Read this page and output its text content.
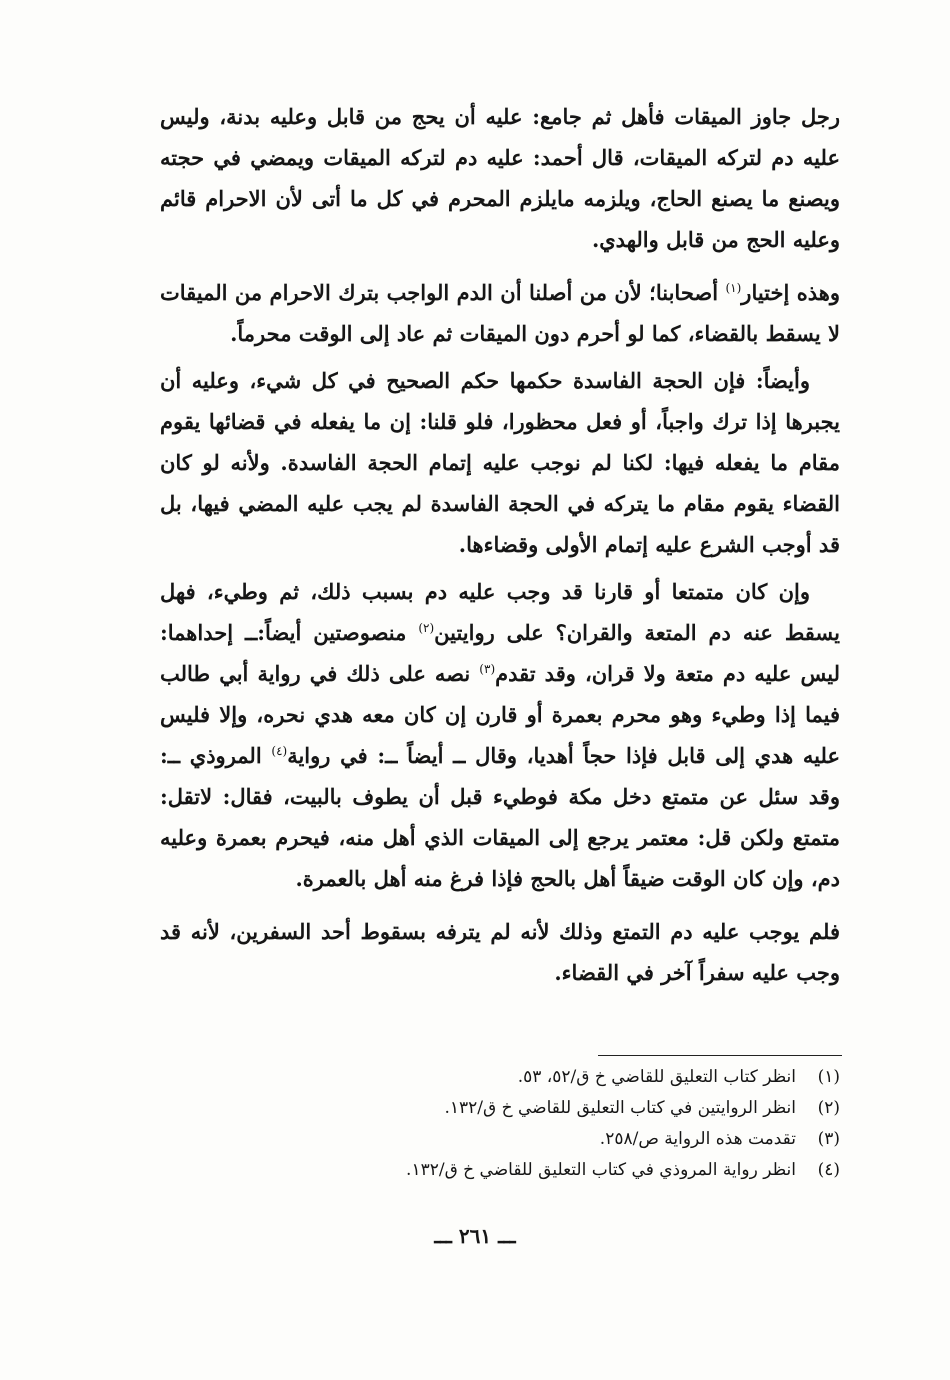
رجل جاوز الميقات فأهل ثم جامع: عليه أن يحج من قابل وعليه بدنة، وليس عليه دم لتركه الميقات، قال أحمد: عليه دم لتركه الميقات ويمضي في حجته ويصنع ما يصنع الحاج، ويلزمه مايلزم المحرم في كل ما أتى لأن الاحرام قائم وعليه الحج من قابل والهدي.

وهذه إختيار$^{(١)}$ أصحابنا؛ لأن من أصلنا أن الدم الواجب بترك الاحرام من الميقات لا يسقط بالقضاء، كما لو أحرم دون الميقات ثم عاد إلى الوقت محرماً.

وأيضاً: فإن الحجة الفاسدة حكمها حكم الصحيح في كل شيء، وعليه أن يجبرها إذا ترك واجباً، أو فعل محظورا، فلو قلنا: إن ما يفعله في قضائها يقوم مقام ما يفعله فيها: لكنا لم نوجب عليه إتمام الحجة الفاسدة. ولأنه لو كان القضاء يقوم مقام ما يتركه في الحجة الفاسدة لم يجب عليه المضي فيها، بل قد أوجب الشرع عليه إتمام الأولى وقضاءها.

وإن كان متمتعا أو قارنا قد وجب عليه دم بسبب ذلك، ثم وطيء، فهل يسقط عنه دم المتعة والقران؟ على روايتين$^{(٢)}$ منصوصتين أيضاً:ــ إحداهما: ليس عليه دم متعة ولا قران، وقد تقدم$^{(٣)}$ نصه على ذلك في رواية أبي طالب فيما إذا وطيء وهو محرم بعمرة أو قارن إن كان معه هدي نحره، وإلا فليس عليه هدي إلى قابل فإذا حجاً أهديا، وقال ــ أيضاً ــ: في رواية$^{(٤)}$ المروذي ــ: وقد سئل عن متمتع دخل مكة فوطيء قبل أن يطوف بالبيت، فقال: لاتقل: متمتع ولكن قل: معتمر يرجع إلى الميقات الذي أهل منه، فيحرم بعمرة وعليه دم، وإن كان الوقت ضيقاً أهل بالحج فإذا فرغ منه أهل بالعمرة.

فلم يوجب عليه دم التمتع وذلك لأنه لم يترفه بسقوط أحد السفرين، لأنه قد وجب عليه سفراً آخر في القضاء.

(١)
انظر كتاب التعليق للقاضي خ ق/٥٢، ٥٣.
(٢)
انظر الروايتين في كتاب التعليق للقاضي خ ق/١٣٢.
(٣)
تقدمت هذه الرواية ص/٢٥٨.
(٤)
انظر رواية المروذي في كتاب التعليق للقاضي خ ق/١٣٢.
ـــ ٢٦١ ـــ
